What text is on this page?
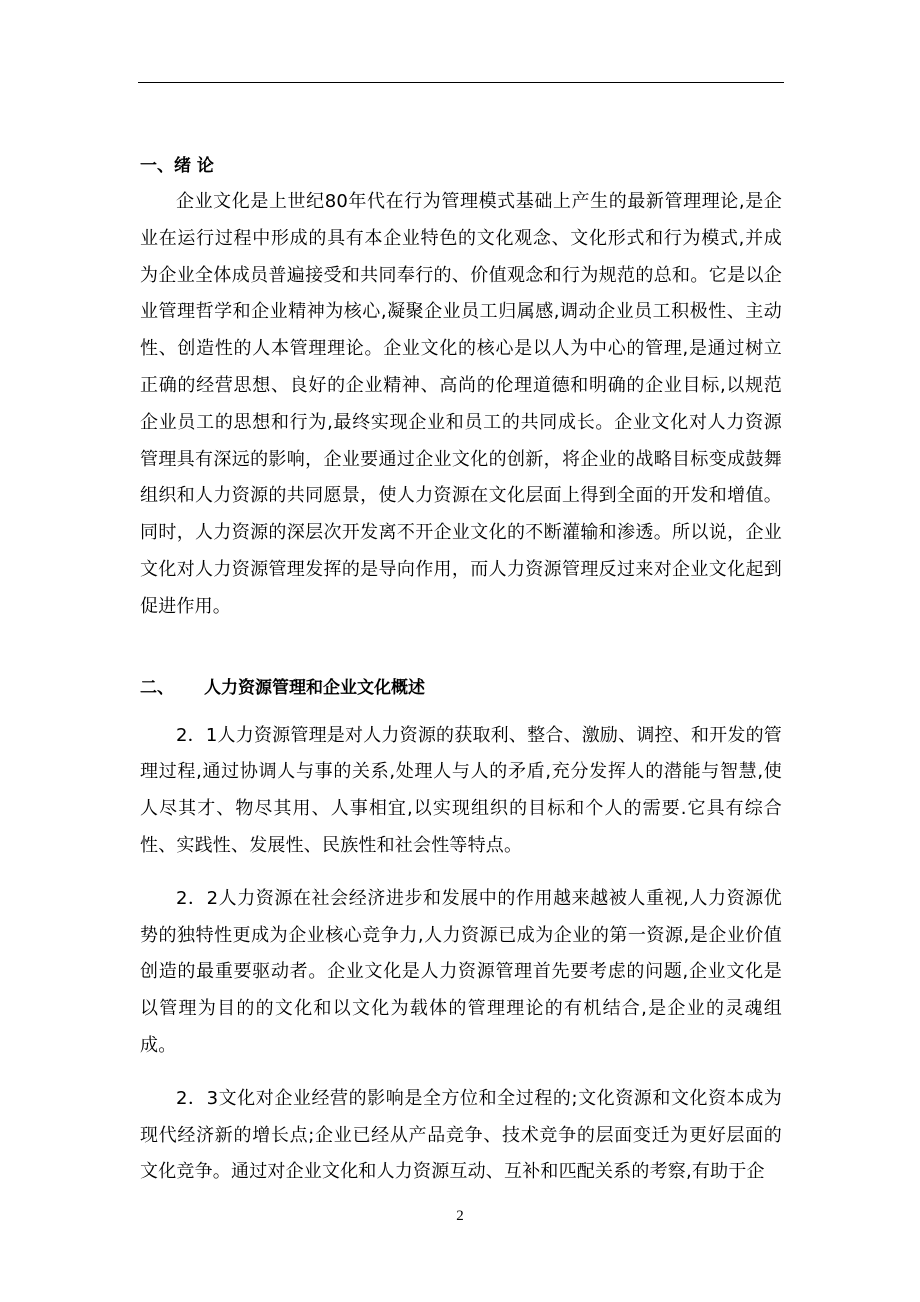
一、绪 论

企业文化是上世纪80年代在行为管理模式基础上产生的最新管理理论,是企业在运行过程中形成的具有本企业特色的文化观念、文化形式和行为模式,并成为企业全体成员普遍接受和共同奉行的、价值观念和行为规范的总和。它是以企业管理哲学和企业精神为核心,凝聚企业员工归属感,调动企业员工积极性、主动性、创造性的人本管理理论。企业文化的核心是以人为中心的管理,是通过树立正确的经营思想、良好的企业精神、高尚的伦理道德和明确的企业目标,以规范企业员工的思想和行为,最终实现企业和员工的共同成长。企业文化对人力资源管理具有深远的影响，企业要通过企业文化的创新，将企业的战略目标变成鼓舞组织和人力资源的共同愿景，使人力资源在文化层面上得到全面的开发和增值。同时，人力资源的深层次开发离不开企业文化的不断灌输和渗透。所以说，企业文化对人力资源管理发挥的是导向作用，而人力资源管理反过来对企业文化起到促进作用。

二、 人力资源管理和企业文化概述

2．1人力资源管理是对人力资源的获取利、整合、激励、调控、和开发的管理过程,通过协调人与事的关系,处理人与人的矛盾,充分发挥人的潜能与智慧,使人尽其才、物尽其用、人事相宜,以实现组织的目标和个人的需要.它具有综合性、实践性、发展性、民族性和社会性等特点。

2．2人力资源在社会经济进步和发展中的作用越来越被人重视,人力资源优势的独特性更成为企业核心竞争力,人力资源已成为企业的第一资源,是企业价值创造的最重要驱动者。企业文化是人力资源管理首先要考虑的问题,企业文化是以管理为目的的文化和以文化为载体的管理理论的有机结合,是企业的灵魂组成。

2．3文化对企业经营的影响是全方位和全过程的;文化资源和文化资本成为现代经济新的增长点;企业已经从产品竞争、技术竞争的层面变迁为更好层面的文化竞争。通过对企业文化和人力资源互动、互补和匹配关系的考察,有助于企

2
